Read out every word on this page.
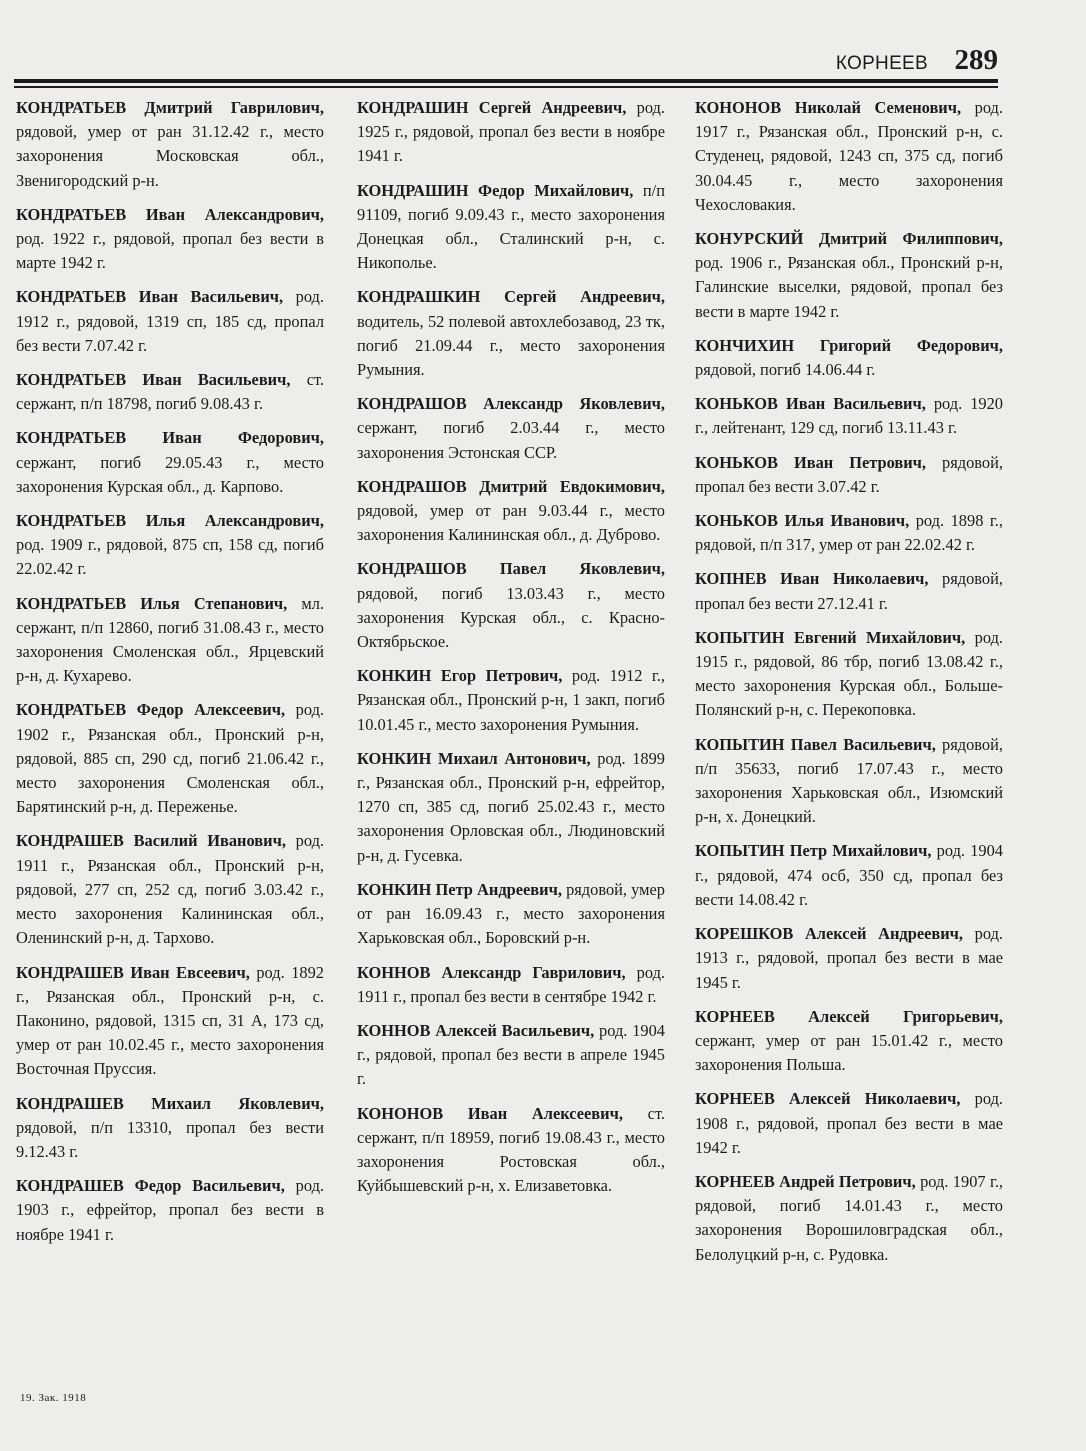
КОРНЕЕВ 289

КОНДРАТЬЕВ Дмитрий Гаврилович, рядовой, умер от ран 31.12.42 г., место захоронения Московская обл., Звенигородский р-н.

КОНДРАТЬЕВ Иван Александрович, род. 1922 г., рядовой, пропал без вести в марте 1942 г.

КОНДРАТЬЕВ Иван Васильевич, род. 1912 г., рядовой, 1319 сп, 185 сд, пропал без вести 7.07.42 г.

КОНДРАТЬЕВ Иван Васильевич, ст. сержант, п/п 18798, погиб 9.08.43 г.

КОНДРАТЬЕВ Иван Федорович, сержант, погиб 29.05.43 г., место захоронения Курская обл., д. Карпово.

КОНДРАТЬЕВ Илья Александрович, род. 1909 г., рядовой, 875 сп, 158 сд, погиб 22.02.42 г.

КОНДРАТЬЕВ Илья Степанович, мл. сержант, п/п 12860, погиб 31.08.43 г., место захоронения Смоленская обл., Ярцевский р-н, д. Кухарево.

КОНДРАТЬЕВ Федор Алексеевич, род. 1902 г., Рязанская обл., Пронский р-н, рядовой, 885 сп, 290 сд, погиб 21.06.42 г., место захоронения Смоленская обл., Барятинский р-н, д. Переженье.

КОНДРАШЕВ Василий Иванович, род. 1911 г., Рязанская обл., Пронский р-н, рядовой, 277 сп, 252 сд, погиб 3.03.42 г., место захоронения Калининская обл., Оленинский р-н, д. Тархово.

КОНДРАШЕВ Иван Евсеевич, род. 1892 г., Рязанская обл., Пронский р-н, с. Паконино, рядовой, 1315 сп, 31 А, 173 сд, умер от ран 10.02.45 г., место захоронения Восточная Пруссия.

КОНДРАШЕВ Михаил Яковлевич, рядовой, п/п 13310, пропал без вести 9.12.43 г.

КОНДРАШЕВ Федор Васильевич, род. 1903 г., ефрейтор, пропал без вести в ноябре 1941 г.

КОНДРАШИН Сергей Андреевич, род. 1925 г., рядовой, пропал без вести в ноябре 1941 г.

КОНДРАШИН Федор Михайлович, п/п 91109, погиб 9.09.43 г., место захоронения Донецкая обл., Сталинский р-н, с. Никополье.

КОНДРАШКИН Сергей Андреевич, водитель, 52 полевой автохлебозавод, 23 тк, погиб 21.09.44 г., место захоронения Румыния.

КОНДРАШОВ Александр Яковлевич, сержант, погиб 2.03.44 г., место захоронения Эстонская ССР.

КОНДРАШОВ Дмитрий Евдокимович, рядовой, умер от ран 9.03.44 г., место захоронения Калининская обл., д. Дуброво.

КОНДРАШОВ Павел Яковлевич, рядовой, погиб 13.03.43 г., место захоронения Курская обл., с. Красно-Октябрьское.

КОНКИН Егор Петрович, род. 1912 г., Рязанская обл., Пронский р-н, 1 закп, погиб 10.01.45 г., место захоронения Румыния.

КОНКИН Михаил Антонович, род. 1899 г., Рязанская обл., Пронский р-н, ефрейтор, 1270 сп, 385 сд, погиб 25.02.43 г., место захоронения Орловская обл., Людиновский р-н, д. Гусевка.

КОНКИН Петр Андреевич, рядовой, умер от ран 16.09.43 г., место захоронения Харьковская обл., Боровский р-н.

КОННОВ Александр Гаврилович, род. 1911 г., пропал без вести в сентябре 1942 г.

КОННОВ Алексей Васильевич, род. 1904 г., рядовой, пропал без вести в апреле 1945 г.

КОНОНОВ Иван Алексеевич, ст. сержант, п/п 18959, погиб 19.08.43 г., место захоронения Ростовская обл., Куйбышевский р-н, х. Елизаветовка.

КОНОНОВ Николай Семенович, род. 1917 г., Рязанская обл., Пронский р-н, с. Студенец, рядовой, 1243 сп, 375 сд, погиб 30.04.45 г., место захоронения Чехословакия.

КОНУРСКИЙ Дмитрий Филиппович, род. 1906 г., Рязанская обл., Пронский р-н, Галинские выселки, рядовой, пропал без вести в марте 1942 г.

КОНЧИХИН Григорий Федорович, рядовой, погиб 14.06.44 г.

КОНЬКОВ Иван Васильевич, род. 1920 г., лейтенант, 129 сд, погиб 13.11.43 г.

КОНЬКОВ Иван Петрович, рядовой, пропал без вести 3.07.42 г.

КОНЬКОВ Илья Иванович, род. 1898 г., рядовой, п/п 317, умер от ран 22.02.42 г.

КОПНЕВ Иван Николаевич, рядовой, пропал без вести 27.12.41 г.

КОПЫТИН Евгений Михайлович, род. 1915 г., рядовой, 86 тбр, погиб 13.08.42 г., место захоронения Курская обл., Больше-Полянский р-н, с. Перекоповка.

КОПЫТИН Павел Васильевич, рядовой, п/п 35633, погиб 17.07.43 г., место захоронения Харьковская обл., Изюмский р-н, х. Донецкий.

КОПЫТИН Петр Михайлович, род. 1904 г., рядовой, 474 осб, 350 сд, пропал без вести 14.08.42 г.

КОРЕШКОВ Алексей Андреевич, род. 1913 г., рядовой, пропал без вести в мае 1945 г.

КОРНЕЕВ Алексей Григорьевич, сержант, умер от ран 15.01.42 г., место захоронения Польша.

КОРНЕЕВ Алексей Николаевич, род. 1908 г., рядовой, пропал без вести в мае 1942 г.

КОРНЕЕВ Андрей Петрович, род. 1907 г., рядовой, погиб 14.01.43 г., место захоронения Ворошиловградская обл., Белолуцкий р-н, с. Рудовка.

19. Зак. 1918
